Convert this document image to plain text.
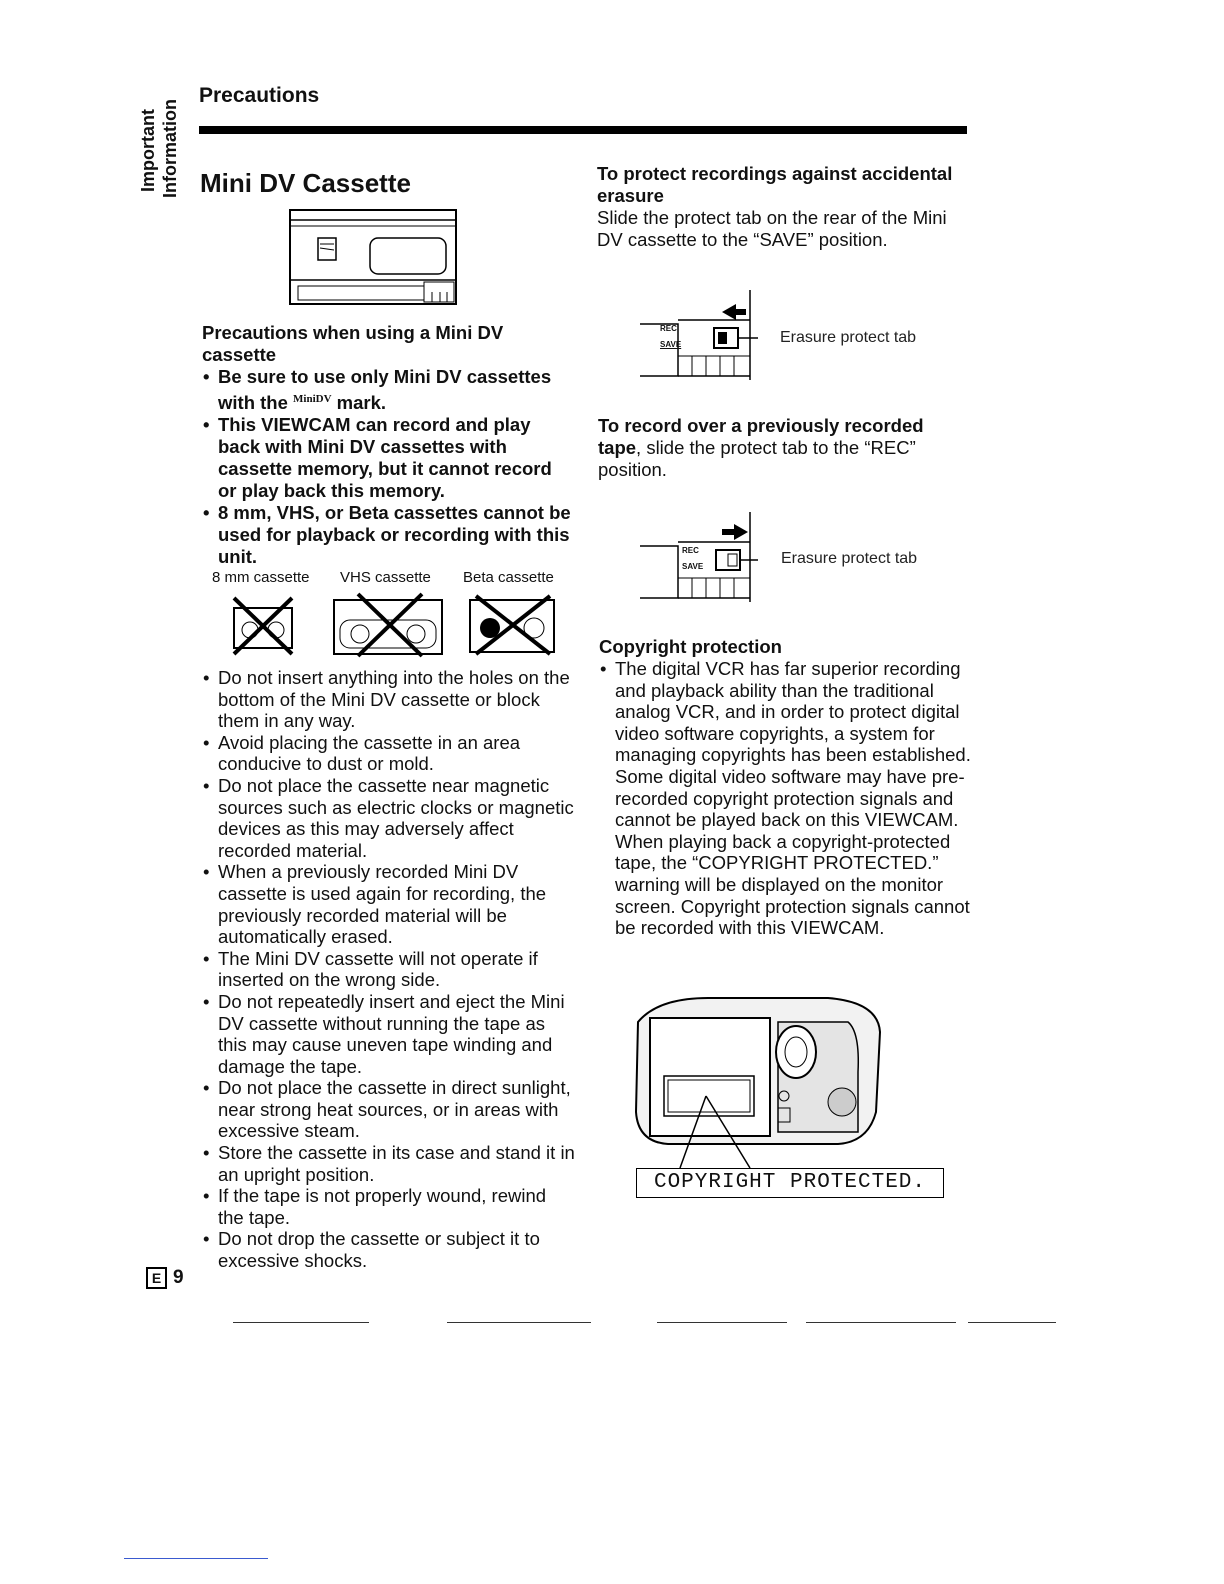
Important Information
Precautions
Mini DV Cassette

Precautions when using a Mini DV cassette

• Be sure to use only Mini DV cassettes with the $^{MiniDV}$ mark.

• This VIEWCAM can record and play back with Mini DV cassettes with cassette memory, but it cannot record or play back this memory.

• 8 mm, VHS, or Beta cassettes cannot be used for playback or recording with this unit.

8 mm cassette VHS cassette Beta cassette

• Do not insert anything into the holes on the bottom of the Mini DV cassette or block them in any way.

• Avoid placing the cassette in an area conducive to dust or mold.

• Do not place the cassette near magnetic sources such as electric clocks or magnetic devices as this may adversely affect recorded material.

• When a previously recorded Mini DV cassette is used again for recording, the previously recorded material will be automatically erased.

• The Mini DV cassette will not operate if inserted on the wrong side.

• Do not repeatedly insert and eject the Mini DV cassette without running the tape as this may cause uneven tape winding and damage the tape.

• Do not place the cassette in direct sunlight, near strong heat sources, or in areas with excessive steam.

• Store the cassette in its case and stand it in an upright position.

• If the tape is not properly wound, rewind the tape.

• Do not drop the cassette or subject it to excessive shocks.

To protect recordings against accidental erasure

Slide the protect tab on the rear of the Mini DV cassette to the “SAVE” position.

REC
SAVE	Erasure protect tab

To record over a previously recorded tape, slide the protect tab to the “REC” position.

REC
SAVE	Erasure protect tab

Copyright protection

• The digital VCR has far superior recording and playback ability than the traditional analog VCR, and in order to protect digital video software copyrights, a system for managing copyrights has been established. Some digital video software may have pre-recorded copyright protection signals and cannot be played back on this VIEWCAM. When playing back a copyright-protected tape, the “COPYRIGHT PROTECTED.” warning will be displayed on the monitor screen. Copyright protection signals cannot be recorded with this VIEWCAM.

COPYRIGHT PROTECTED.
E 9
